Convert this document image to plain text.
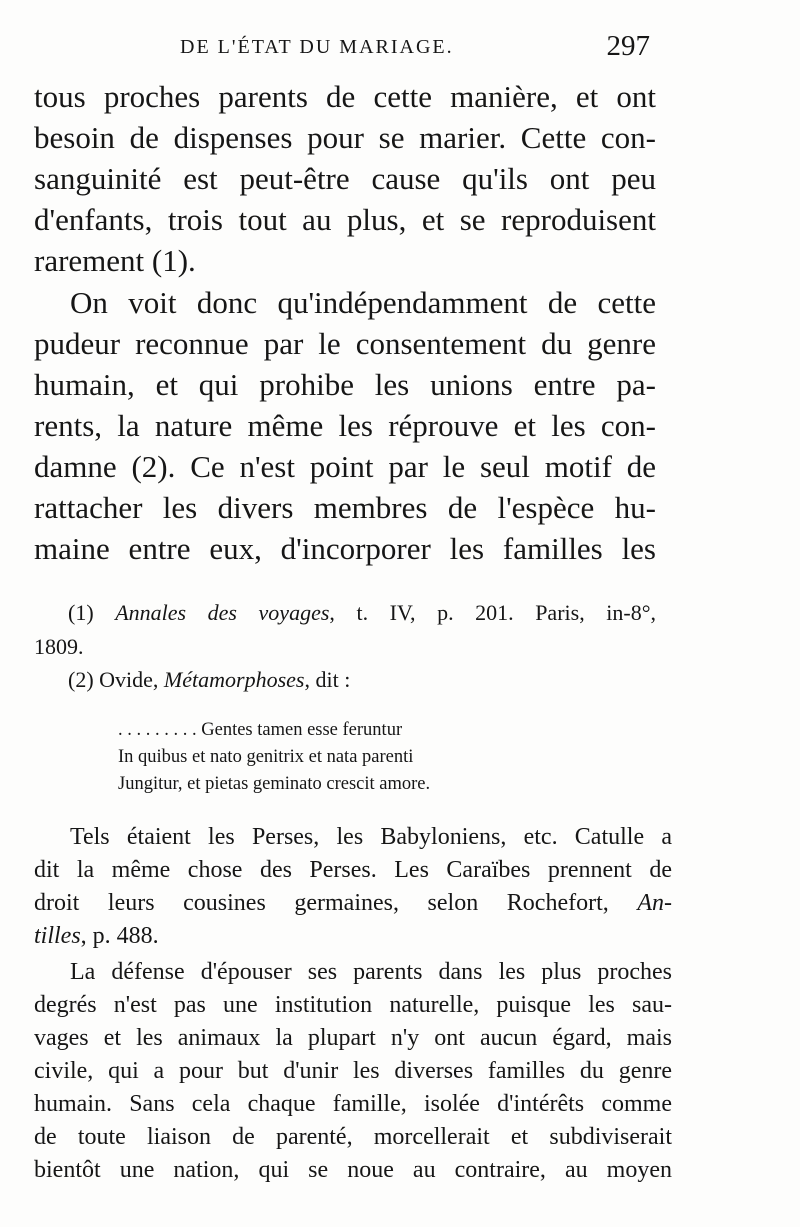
DE L'ÉTAT DU MARIAGE.	297

tous proches parents de cette manière, et ont

besoin de dispenses pour se marier. Cette con-

sanguinité est peut-être cause qu'ils ont peu

d'enfants, trois tout au plus, et se reproduisent

rarement (1).

On voit donc qu'indépendamment de cette

pudeur reconnue par le consentement du genre

humain, et qui prohibe les unions entre pa-

rents, la nature même les réprouve et les con-

damne (2). Ce n'est point par le seul motif de

rattacher les divers membres de l'espèce hu-

maine entre eux, d'incorporer les familles les

(1) Annales des voyages, t. IV, p. 201. Paris, in-8°,

1809.

(2) Ovide, Métamorphoses, dit :

. . . . . . . . . Gentes tamen esse feruntur

In quibus et nato genitrix et nata parenti

Jungitur, et pietas geminato crescit amore.

Tels étaient les Perses, les Babyloniens, etc. Catulle a

dit la même chose des Perses. Les Caraïbes prennent de

droit leurs cousines germaines, selon Rochefort, An-

tilles, p. 488.

La défense d'épouser ses parents dans les plus proches

degrés n'est pas une institution naturelle, puisque les sau-

vages et les animaux la plupart n'y ont aucun égard, mais

civile, qui a pour but d'unir les diverses familles du genre

humain. Sans cela chaque famille, isolée d'intérêts comme

de toute liaison de parenté, morcellerait et subdiviserait

bientôt une nation, qui se noue au contraire, au moyen
